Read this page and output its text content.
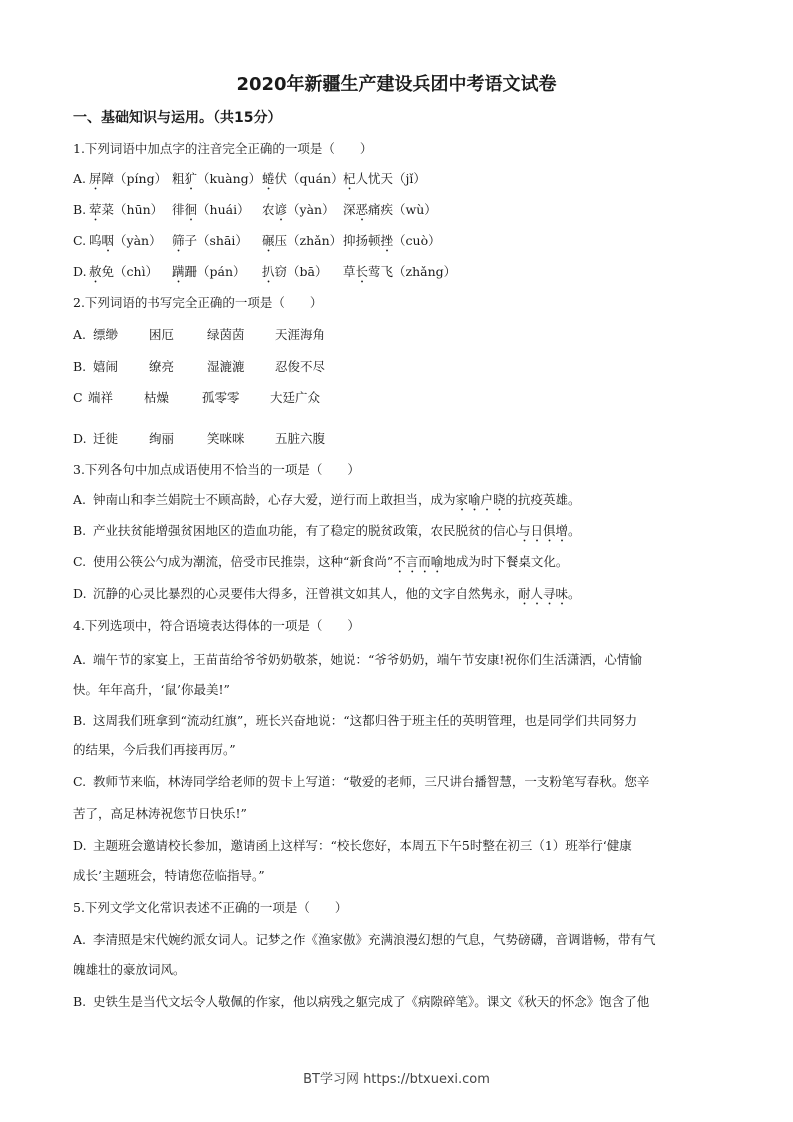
2020年新疆生产建设兵团中考语文试卷
一、基础知识与运用。（共15分）
1.下列词语中加点字的注音完全正确的一项是（　　）
A. 屏障（píng） 粗犷（kuàng） 蜷伏（quán） 杞人忧天（jǐ）
B. 荤菜（hūn） 徘徊（huái） 农谚（yàn） 深恶痛疾（wù）
C. 呜咽（yàn） 筛子（shāi） 碾压（zhǎn） 抑扬顿挫（cuò）
D. 赦免（chì） 蹒跚（pán） 扒窃（bā） 草长莺飞（zhǎng）
2.下列词语的书写完全正确的一项是（　　）
A. 缥缈 困厄	绿茵茵 天涯海角
B. 嬉闹 缭亮	湿漉漉 忍俊不尽
C 端祥 枯燥	孤零零 大廷广众
D. 迁徙 绚丽	笑咪咪 五脏六腹
3.下列各句中加点成语使用不恰当的一项是（　　）
A. 钟南山和李兰娟院士不顾高龄，心存大爱，逆行而上敢担当，成为家喻户晓的抗疫英雄。
B. 产业扶贫能增强贫困地区的造血功能，有了稳定的脱贫政策，农民脱贫的信心与日俱增。
C. 使用公筷公勺成为潮流，倍受市民推崇，这种“新食尚”不言而喻地成为时下餐桌文化。
D. 沉静的心灵比暴烈的心灵要伟大得多，汪曾祺文如其人，他的文字自然隽永，耐人寻味。
4.下列选项中，符合语境表达得体的一项是（　　）
A. 端午节的家宴上，王苗苗给爷爷奶奶敬茶，她说：“爷爷奶奶，端午节安康!祝你们生活潇洒，心情愉
快。年年高升，‘鼠’你最美!”
B. 这周我们班拿到“流动红旗”，班长兴奋地说：“这都归咎于班主任的英明管理，也是同学们共同努力
的结果，今后我们再接再厉。”
C. 教师节来临，林涛同学给老师的贺卡上写道：“敬爱的老师，三尺讲台播智慧，一支粉笔写春秋。您辛
苦了，高足林涛祝您节日快乐!”
D. 主题班会邀请校长参加，邀请函上这样写：“校长您好，本周五下午5时整在初三（1）班举行‘健康
成长’主题班会，特请您莅临指导。”
5.下列文学文化常识表述不正确的一项是（　　）
A. 李清照是宋代婉约派女词人。记梦之作《渔家傲》充满浪漫幻想的气息，气势磅礴，音调谐畅，带有气
魄雄壮的豪放词风。
B. 史铁生是当代文坛令人敬佩的作家，他以病残之躯完成了《病隙碎笔》。课文《秋天的怀念》饱含了他
BT学习网 https://btxuexi.com
